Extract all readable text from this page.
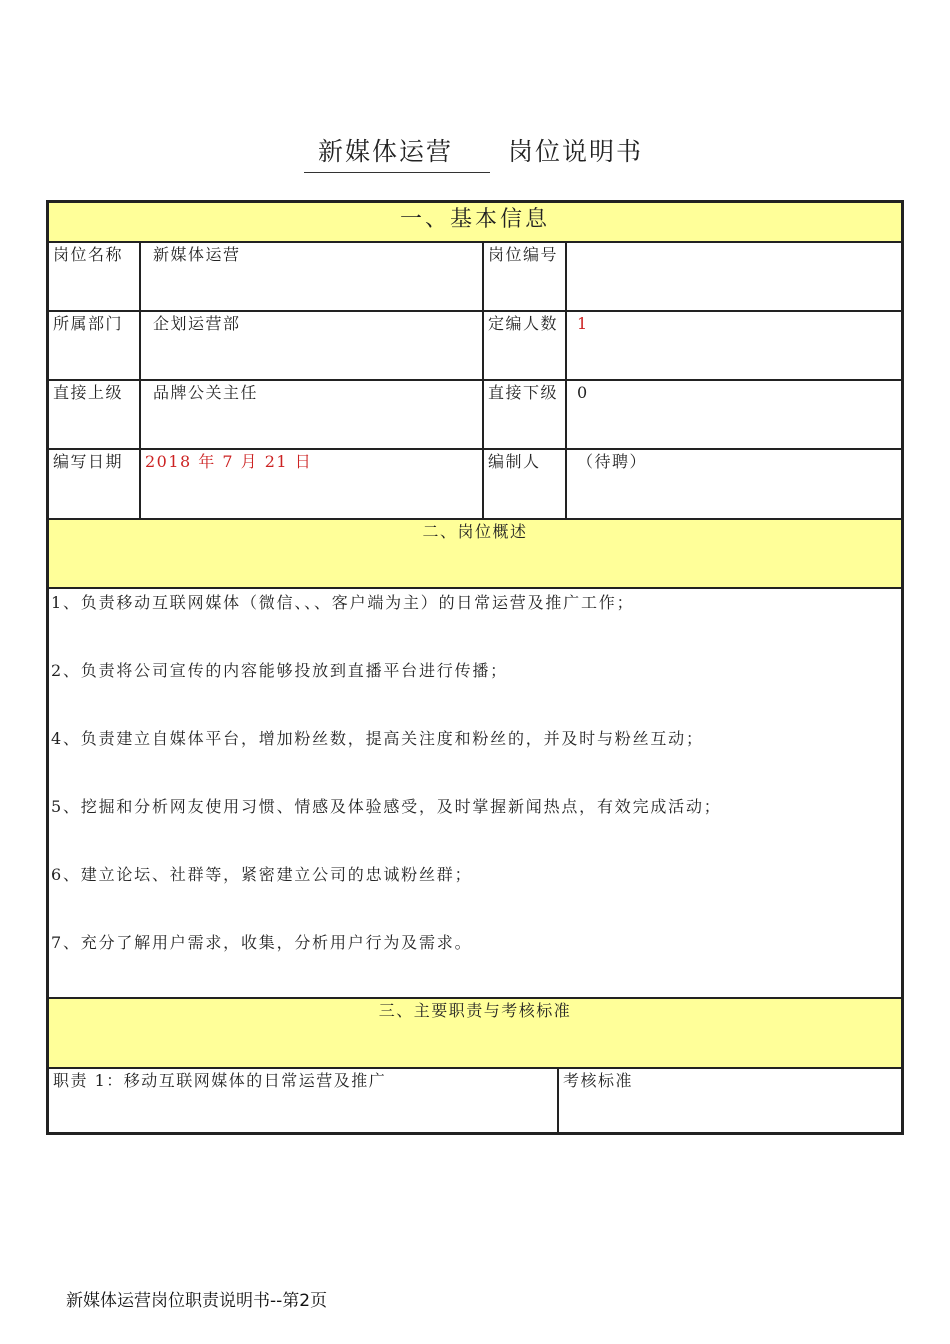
新媒体运营 岗位说明书
一、基本信息
岗位名称	新媒体运营	岗位编号
所属部门	企划运营部	定编人数	1
直接上级	品牌公关主任	直接下级	0
编写日期	2018 年 7 月 21 日	编制人	（待聘）
二、岗位概述
1、负责移动互联网媒体（微信、、、客户端为主）的日常运营及推广工作；
2、负责将公司宣传的内容能够投放到直播平台进行传播；
4、负责建立自媒体平台，增加粉丝数，提高关注度和粉丝的，并及时与粉丝互动；
5、挖掘和分析网友使用习惯、情感及体验感受，及时掌握新闻热点，有效完成活动；
6、建立论坛、社群等，紧密建立公司的忠诚粉丝群；
7、充分了解用户需求，收集，分析用户行为及需求。
三、主要职责与考核标准
职责 1：移动互联网媒体的日常运营及推广	考核标准
新媒体运营岗位职责说明书--第2页
